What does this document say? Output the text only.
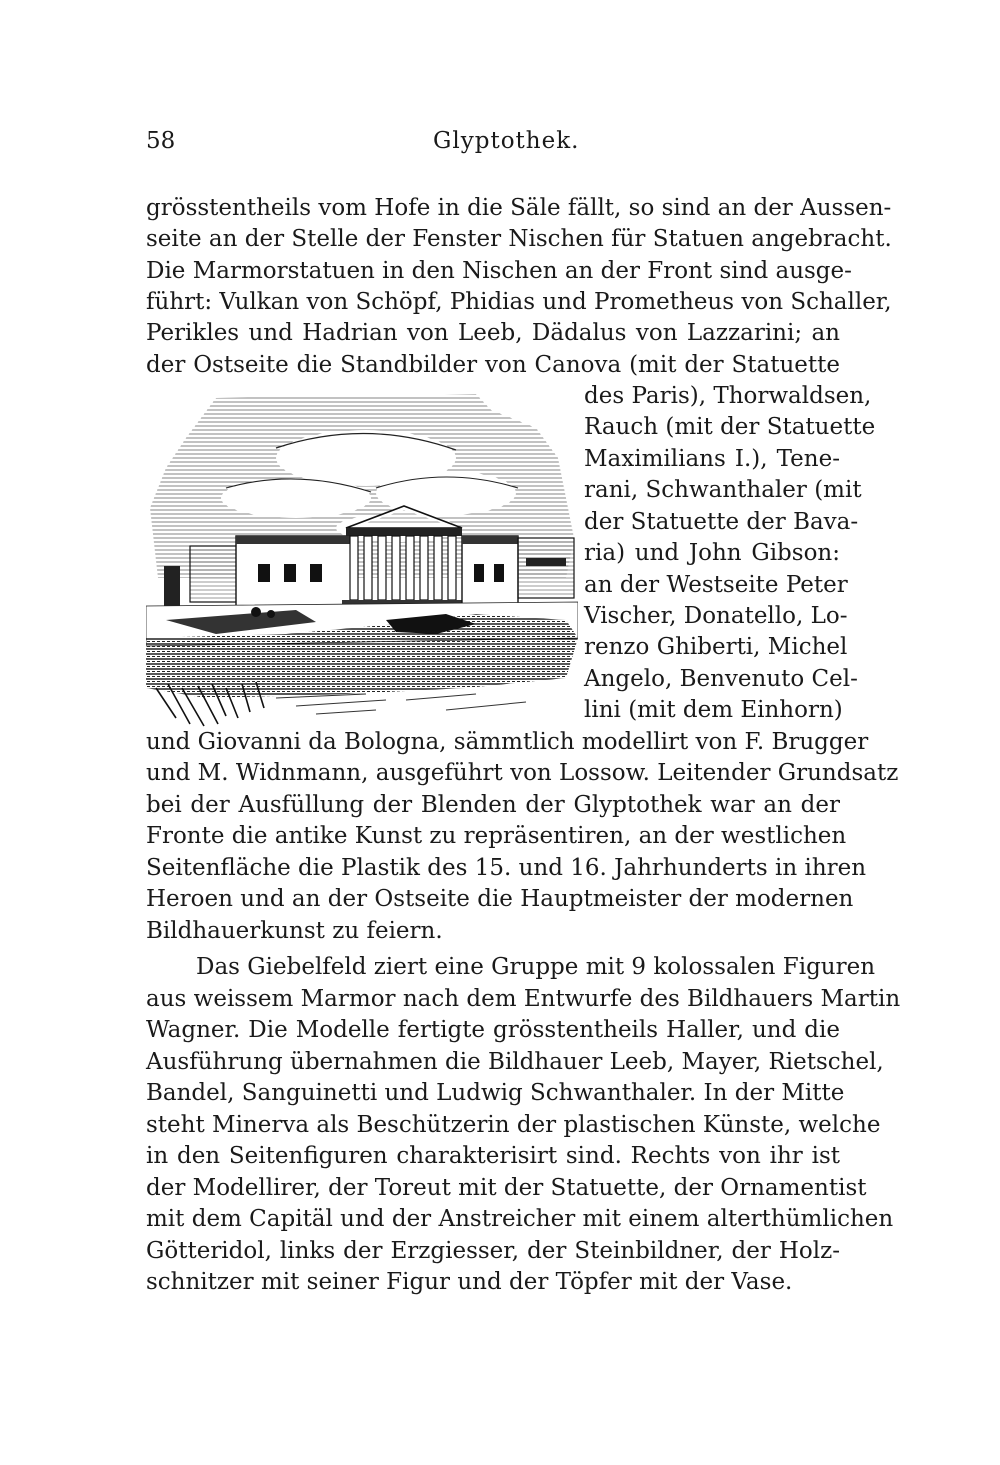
58	Glyptothek.
grösstentheils vom Hofe in die Säle fällt, so sind an der Aussen-
seite an der Stelle der Fenster Nischen für Statuen angebracht.
Die Marmorstatuen in den Nischen an der Front sind ausge-
führt: Vulkan von Schöpf, Phidias und Prometheus von Schaller,
Perikles und Hadrian von Leeb, Dädalus von Lazzarini; an
der Ostseite die Standbilder von Canova (mit der Statuette
des Paris), Thorwaldsen,
Rauch (mit der Statuette
Maximilians I.), Tene-
rani, Schwanthaler (mit
der Statuette der Bava-
ria) und John Gibson:
an der Westseite Peter
Vischer, Donatello, Lo-
renzo Ghiberti, Michel
Angelo, Benvenuto Cel-
lini (mit dem Einhorn)
und Giovanni da Bologna, sämmtlich modellirt von F. Brugger
und M. Widnmann, ausgeführt von Lossow. Leitender Grundsatz
bei der Ausfüllung der Blenden der Glyptothek war an der
Fronte die antike Kunst zu repräsentiren, an der westlichen
Seitenfläche die Plastik des 15. und 16. Jahrhunderts in ihren
Heroen und an der Ostseite die Hauptmeister der modernen
Bildhauerkunst zu feiern.
Das Giebelfeld ziert eine Gruppe mit 9 kolossalen Figuren
aus weissem Marmor nach dem Entwurfe des Bildhauers Martin
Wagner. Die Modelle fertigte grösstentheils Haller, und die
Ausführung übernahmen die Bildhauer Leeb, Mayer, Rietschel,
Bandel, Sanguinetti und Ludwig Schwanthaler. In der Mitte
steht Minerva als Beschützerin der plastischen Künste, welche
in den Seitenfiguren charakterisirt sind. Rechts von ihr ist
der Modellirer, der Toreut mit der Statuette, der Ornamentist
mit dem Capitäl und der Anstreicher mit einem alterthümlichen
Götteridol, links der Erzgiesser, der Steinbildner, der Holz-
schnitzer mit seiner Figur und der Töpfer mit der Vase.
